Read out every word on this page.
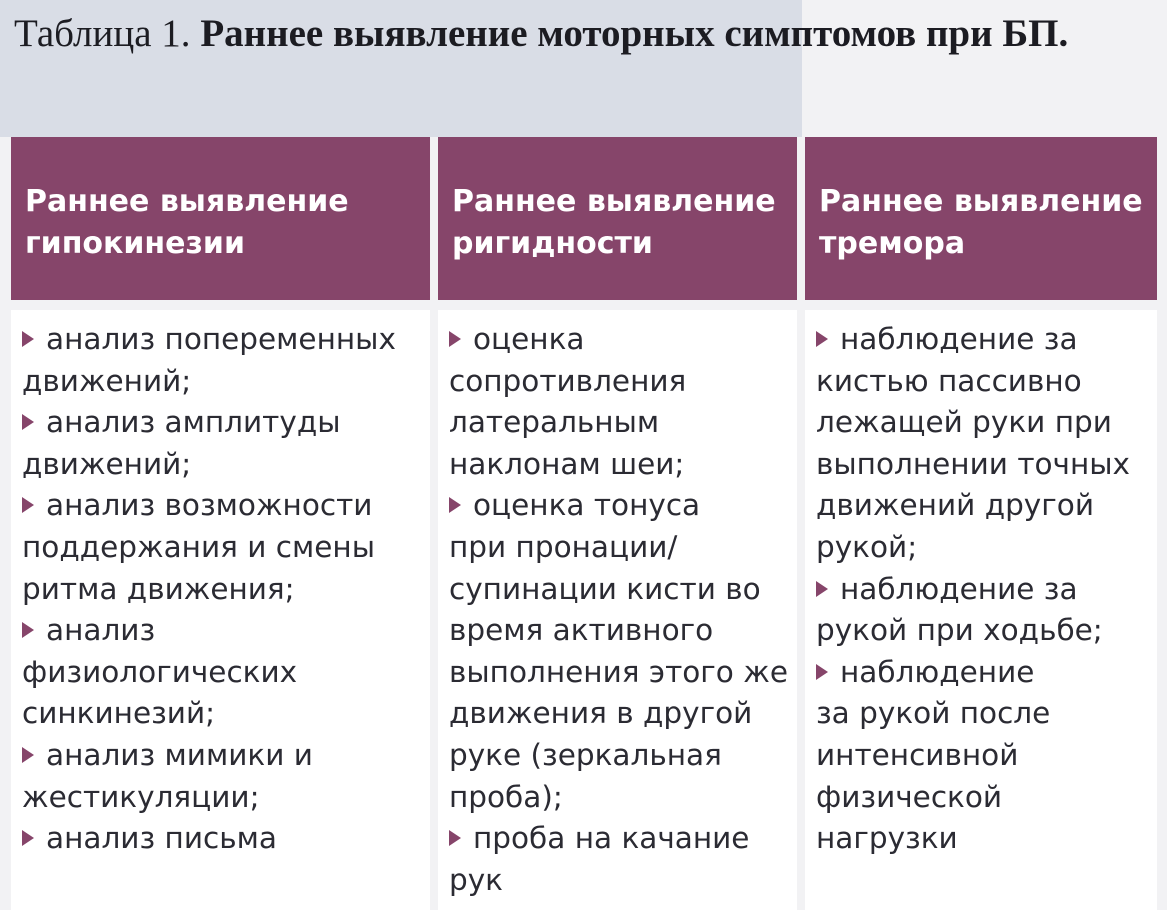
Таблица 1. Раннее выявление моторных симптомов при БП.
Раннее выявление
гипокинезии
Раннее выявление
ригидности
Раннее выявление
тремора
анализ попеременных
движений;
анализ амплитуды
движений;
анализ возможности
поддержания и смены
ритма движения;
анализ
физиологических
синкинезий;
анализ мимики и
жестикуляции;
анализ письма
оценка
сопротивления
латеральным
наклонам шеи;
оценка тонуса
при пронации/
супинации кисти во
время активного
выполнения этого же
движения в другой
руке (зеркальная
проба);
проба на качание
рук
наблюдение за
кистью пассивно
лежащей руки при
выполнении точных
движений другой
рукой;
наблюдение за
рукой при ходьбе;
наблюдение
за рукой после
интенсивной
физической нагрузки
